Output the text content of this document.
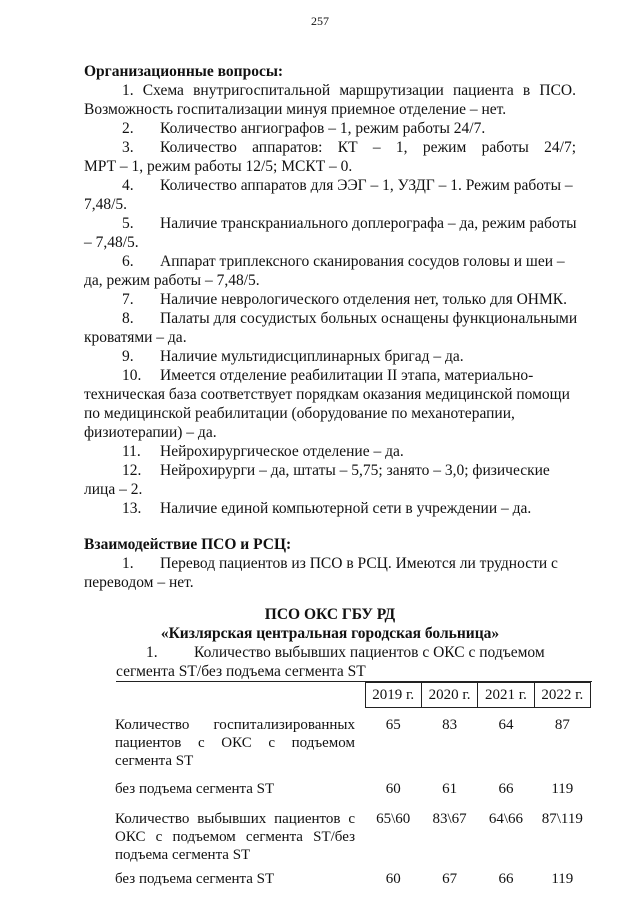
257
Организационные вопросы:
1. Схема внутригоспитальной маршрутизации пациента в ПСО.
Возможность госпитализации минуя приемное отделение – нет.
2. Количество ангиографов – 1, режим работы 24/7.
3. Количество аппаратов: КТ – 1, режим работы 24/7;
МРТ – 1, режим работы 12/5; МСКТ – 0.
4. Количество аппаратов для ЭЭГ – 1, УЗДГ – 1. Режим работы –
7,48/5.
5. Наличие транскраниального доплерографа – да, режим работы
– 7,48/5.
6. Аппарат триплексного сканирования сосудов головы и шеи –
да, режим работы – 7,48/5.
7. Наличие неврологического отделения нет, только для ОНМК.
8. Палаты для сосудистых больных оснащены функциональными
кроватями – да.
9. Наличие мультидисциплинарных бригад – да.
10. Имеется отделение реабилитации II этапа, материально-
техническая база соответствует порядкам оказания медицинской помощи
по медицинской реабилитации (оборудование по механотерапии,
физиотерапии) – да.
11. Нейрохирургическое отделение – да.
12. Нейрохирурги – да, штаты – 5,75; занято – 3,0; физические
лица – 2.
13. Наличие единой компьютерной сети в учреждении – да.
Взаимодействие ПСО и РСЦ:
1. Перевод пациентов из ПСО в РСЦ. Имеются ли трудности с
переводом – нет.
ПСО ОКС ГБУ РД
«Кизлярская центральная городская больница»
1. Количество выбывших пациентов с ОКС с подъемом
сегмента ST/без подъема сегмента ST
	2019 г.	2020 г.	2021 г.	2022 г.
Количество госпитализированных пациентов с ОКС с подъемом сегмента ST	65	83	64	87
без подъема сегмента ST	60	61	66	119
Количество выбывших пациентов с ОКС с подъемом сегмента ST/без подъема сегмента ST	65\60	83\67	64\66	87\119
без подъема сегмента ST	60	67	66	119
